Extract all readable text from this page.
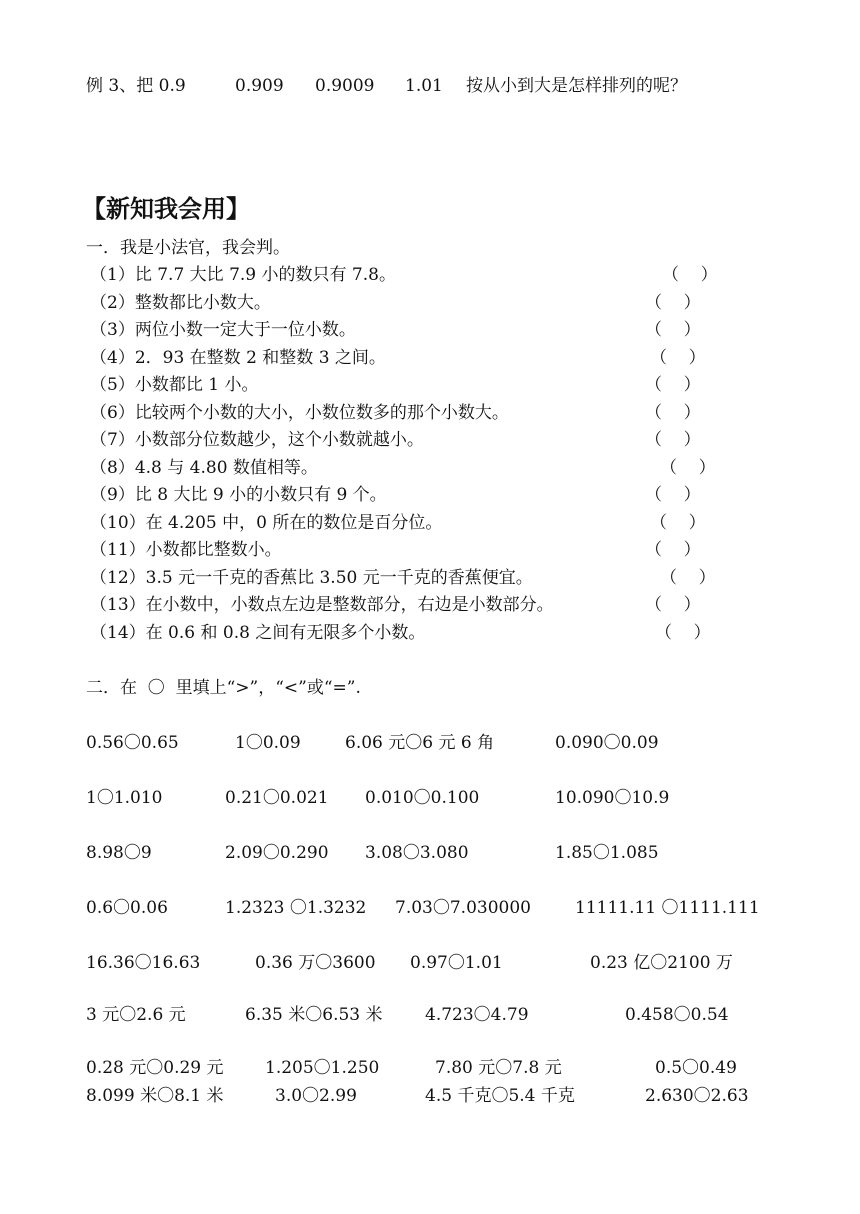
例 3、把 0.9	0.909 0.9009 1.01 按从小到大是怎样排列的呢？
【新知我会用】
一．我是小法官，我会判。
（1）比 7.7 大比 7.9 小的数只有 7.8。	（    ）
（2）整数都比小数大。	（    ）
（3）两位小数一定大于一位小数。	（    ）
（4）2．93 在整数 2 和整数 3 之间。	（    ）
（5）小数都比 1 小。	（    ）
（6）比较两个小数的大小，小数位数多的那个小数大。	（    ）
（7）小数部分位数越少，这个小数就越小。	（    ）
（8）4.8 与 4.80 数值相等。	（    ）
（9）比 8 大比 9 小的小数只有 9 个。	（    ）
（10）在 4.205 中，0 所在的数位是百分位。	（    ）
（11）小数都比整数小。	（    ）
（12）3.5 元一千克的香蕉比 3.50 元一千克的香蕉便宜。	（    ）
（13）在小数中，小数点左边是整数部分，右边是小数部分。	（    ）
（14）在 0.6 和 0.8 之间有无限多个小数。	（    ）
二．在  〇  里填上“>”，“<”或“=”.
0.56〇0.65	1〇0.09	6.06 元〇6 元 6 角	0.090〇0.09
1〇1.010	0.21〇0.021 0.010〇0.100	10.090〇10.9
8.98〇9	2.09〇0.290 3.08〇3.080	1.85〇1.085
0.6〇0.06	1.2323 〇1.3232 7.03〇7.030000	11111.11 〇1111.111
16.36〇16.63	0.36 万〇3600 0.97〇1.01	0.23 亿〇2100 万
3 元〇2.6 元	6.35 米〇6.53 米 4.723〇4.79	0.458〇0.54
0.28 元〇0.29 元 1.205〇1.250	7.80 元〇7.8 元	0.5〇0.49
8.099 米〇8.1 米	3.0〇2.99	4.5 千克〇5.4 千克	2.630〇2.63
